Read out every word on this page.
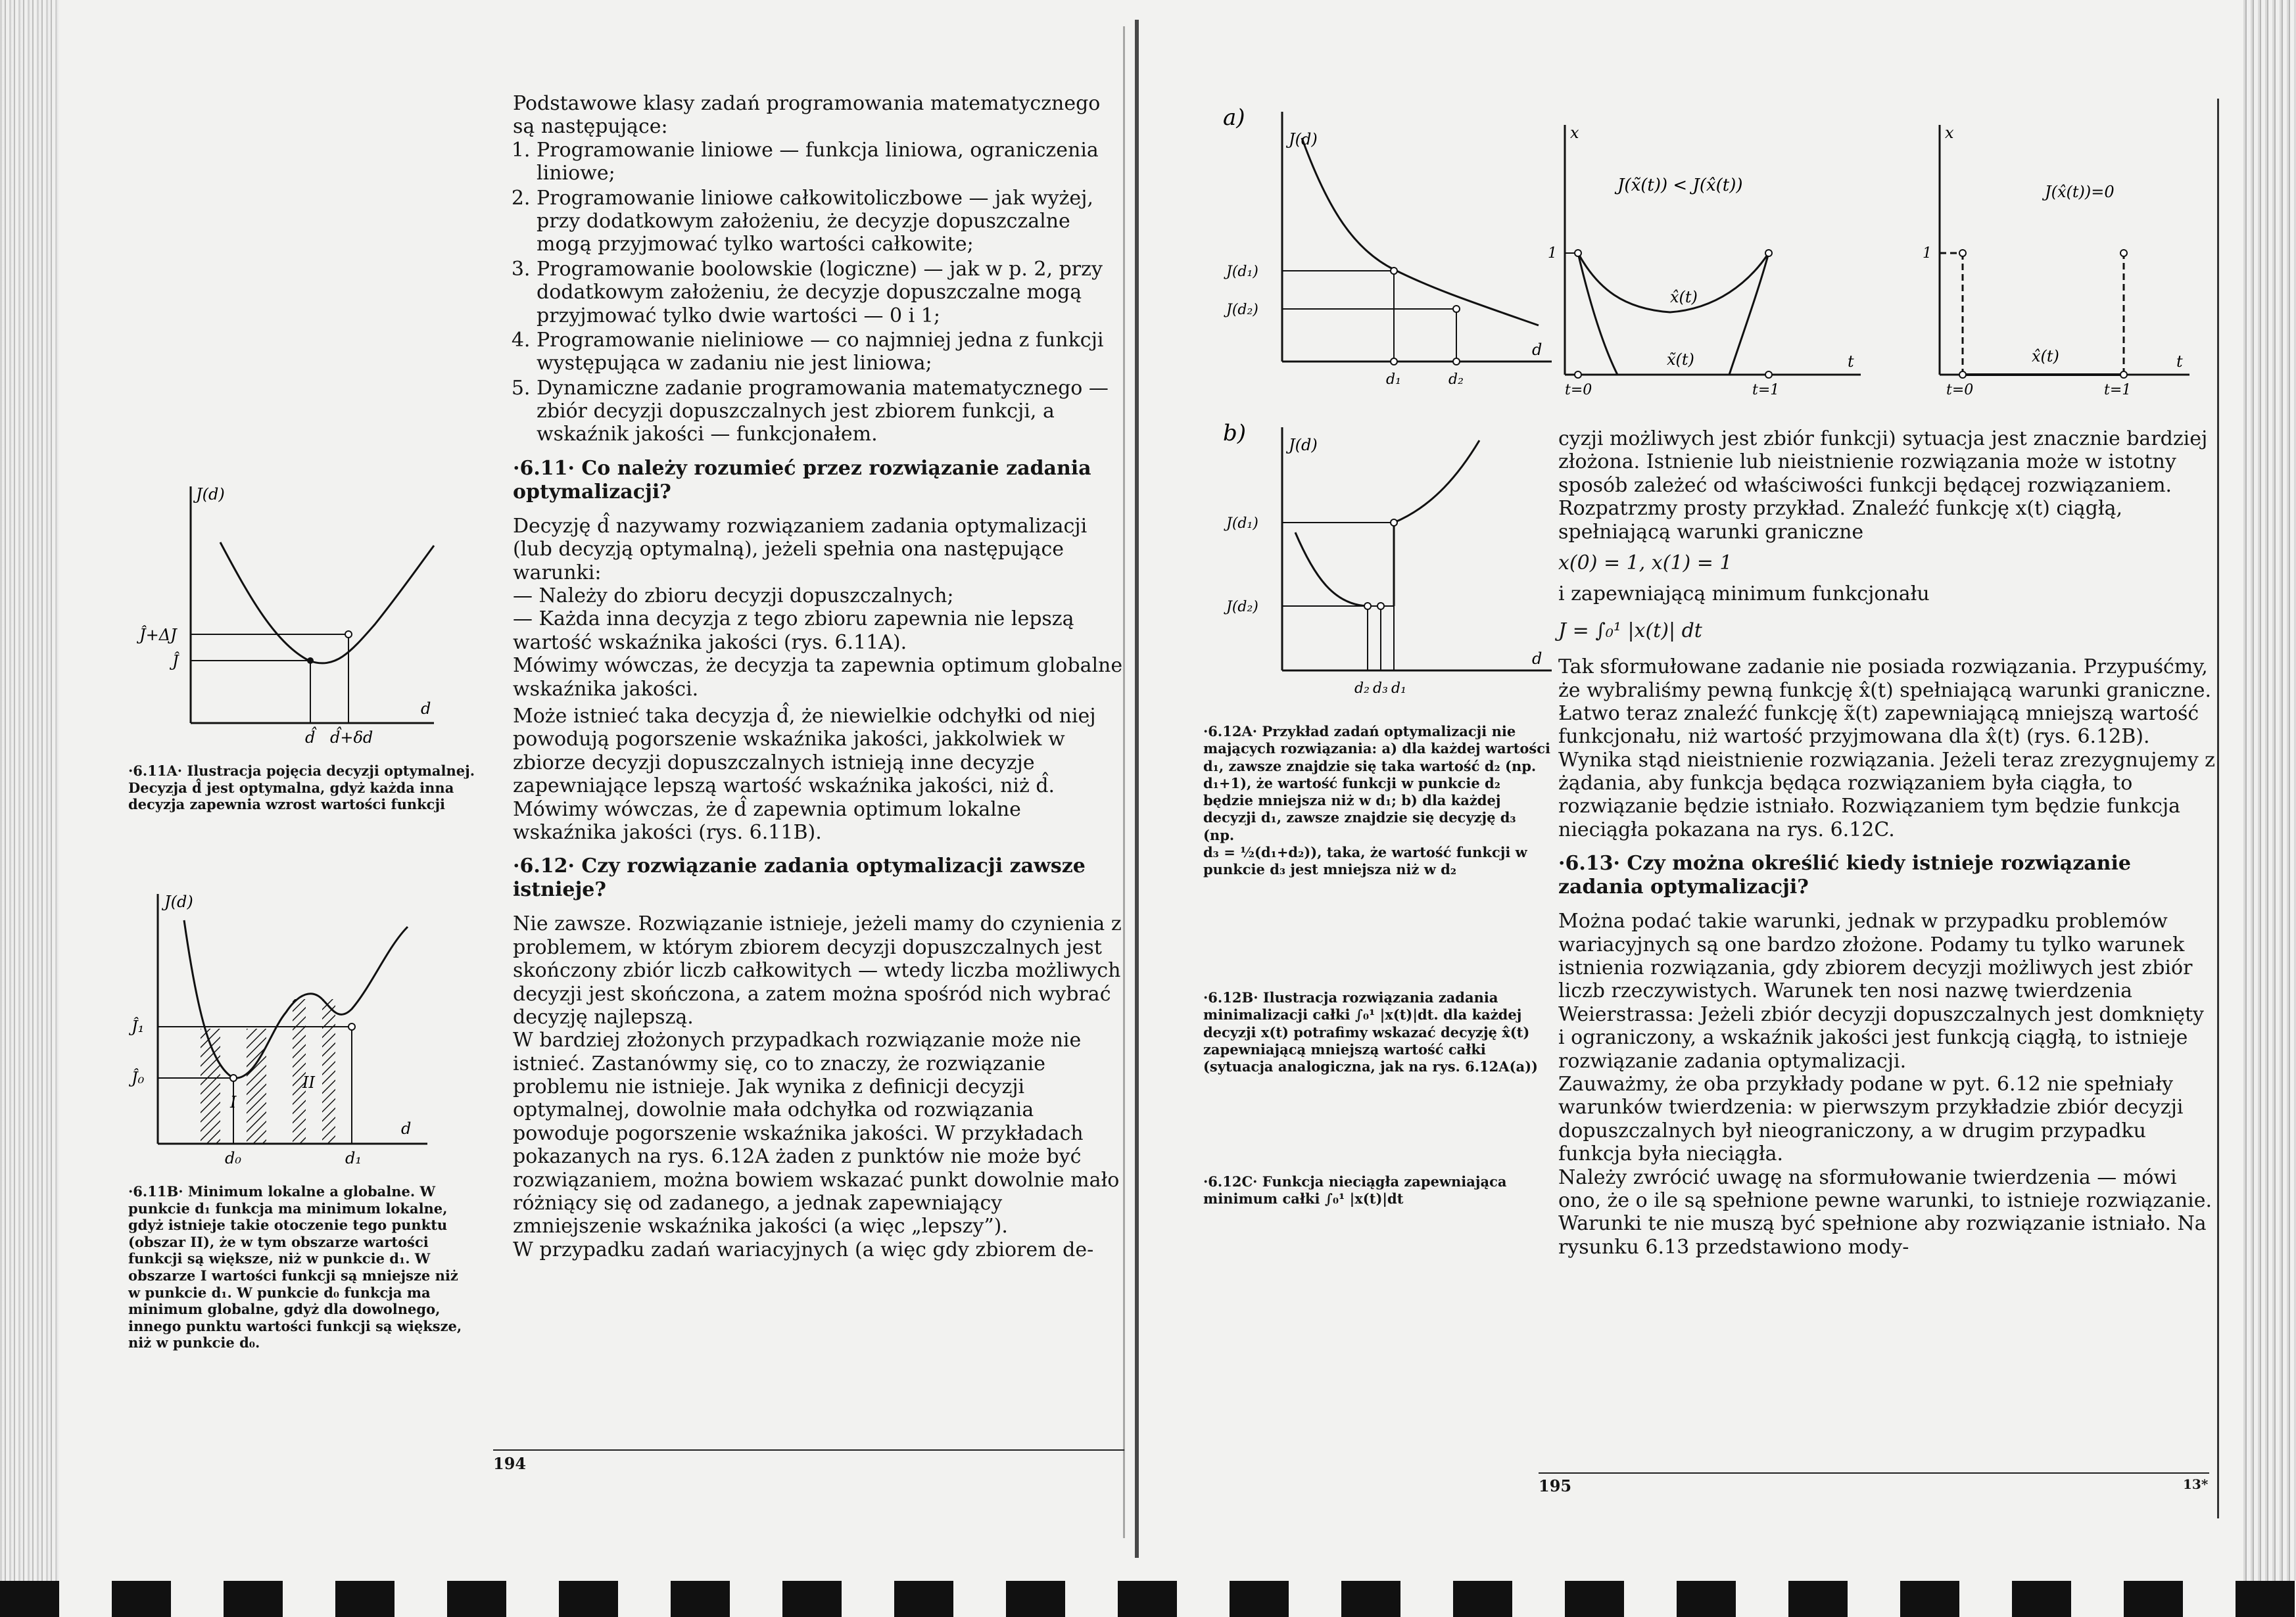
J(d)
d
d̂ d̂+δd
Ĵ
Ĵ+ΔJ
·6.11A· Ilustracja pojęcia decyzji optymalnej. Decyzja d̂ jest optymalna, gdyż każda inna decyzja zapewnia wzrost wartości funkcji
J(d)
d
Ĵ₁
Ĵ₀
d₀	d₁
I
II
·6.11B· Minimum lokalne a globalne. W punkcie d₁ funkcja ma minimum lokalne, gdyż istnieje takie otoczenie tego punktu (obszar II), że w tym obszarze wartości funkcji są większe, niż w punkcie d₁. W obszarze I wartości funkcji są mniejsze niż w punkcie d₁. W punkcie d₀ funkcja ma minimum globalne, gdyż dla dowolnego, innego punktu wartości funkcji są większe, niż w punkcie d₀.

Podstawowe klasy zadań programowania matematycznego

są następujące:

1. Programowanie liniowe — funkcja liniowa, ograniczenia liniowe;
2. Programowanie liniowe całkowitoliczbowe — jak wyżej, przy dodatkowym założeniu, że decyzje dopuszczalne mogą przyjmować tylko wartości całkowite;
3. Programowanie boolowskie (logiczne) — jak w p. 2, przy dodatkowym założeniu, że decyzje dopuszczalne mogą przyjmować tylko dwie wartości — 0 i 1;
4. Programowanie nieliniowe — co najmniej jedna z funkcji występująca w zadaniu nie jest liniowa;
5. Dynamiczne zadanie programowania matematycznego — zbiór decyzji dopuszczalnych jest zbiorem funkcji, a wskaźnik jakości — funkcjonałem.
·6.11· Co należy rozumieć przez rozwiązanie zadania optymalizacji?

Decyzję d̂ nazywamy rozwiązaniem zadania optymalizacji (lub decyzją optymalną), jeżeli spełnia ona następujące warunki:

— Należy do zbioru decyzji dopuszczalnych;

— Każda inna decyzja z tego zbioru zapewnia nie lepszą wartość wskaźnika jakości (rys. 6.11A).

Mówimy wówczas, że decyzja ta zapewnia optimum globalne wskaźnika jakości.

Może istnieć taka decyzja d̂, że niewielkie odchyłki od niej powodują pogorszenie wskaźnika jakości, jakkolwiek w zbiorze decyzji dopuszczalnych istnieją inne decyzje zapewniające lepszą wartość wskaźnika jakości, niż d̂. Mówimy wówczas, że d̂ zapewnia optimum lokalne wskaźnika jakości (rys. 6.11B).

·6.12· Czy rozwiązanie zadania optymalizacji zawsze istnieje?

Nie zawsze. Rozwiązanie istnieje, jeżeli mamy do czynienia z problemem, w którym zbiorem decyzji dopuszczalnych jest skończony zbiór liczb całkowitych — wtedy liczba możliwych decyzji jest skończona, a zatem można spośród nich wybrać decyzję najlepszą.

W bardziej złożonych przypadkach rozwiązanie może nie istnieć. Zastanówmy się, co to znaczy, że rozwiązanie problemu nie istnieje. Jak wynika z definicji decyzji optymalnej, dowolnie mała odchyłka od rozwiązania powoduje pogorszenie wskaźnika jakości. W przykładach pokazanych na rys. 6.12A żaden z punktów nie może być rozwiązaniem, można bowiem wskazać punkt dowolnie mało różniący się od zadanego, a jednak zapewniający zmniejszenie wskaźnika jakości (a więc „lepszy”).

W przypadku zadań wariacyjnych (a więc gdy zbiorem de-

194
a)
J(d)
d
J(d₁)
J(d₂)
d₁	d₂
b)	J(d)
d
J(d₁)
J(d₂)
d₂ d₃ d₁

·6.12A· Przykład zadań optymalizacji nie mających rozwiązania: a) dla każdej wartości d₁, zawsze znajdzie się taka wartość d₂ (np. d₁+1), że wartość funkcji w punkcie d₂ będzie mniejsza niż w d₁; b) dla każdej decyzji d₁, zawsze znajdzie się decyzję d₃ (np.

d₃ = ½(d₁+d₂)), taka, że wartość funkcji w punkcie d₃ jest mniejsza niż w d₂

·6.12B· Ilustracja rozwiązania zadania minimalizacji całki ∫₀¹ |x(t)|dt. dla każdej decyzji x(t) potrafimy wskazać decyzję x̂(t) zapewniającą mniejszą wartość całki (sytuacja analogiczna, jak na rys. 6.12A(a))
·6.12C· Funkcja nieciągła zapewniająca minimum całki ∫₀¹ |x(t)|dt
x
t
1
t=0	t=1
J(x̃(t)) < J(x̂(t))
x̂(t)
x̃(t)
x
t
1
t=0	t=1
J(x̂(t))=0
x̂(t)

cyzji możliwych jest zbiór funkcji) sytuacja jest znacznie bardziej złożona. Istnienie lub nieistnienie rozwiązania może w istotny sposób zależeć od właściwości funkcji będącej rozwiązaniem.

Rozpatrzmy prosty przykład. Znaleźć funkcję x(t) ciągłą, spełniającą warunki graniczne

x(0) = 1, x(1) = 1

i zapewniającą minimum funkcjonału

J = ∫₀¹ |x(t)| dt

Tak sformułowane zadanie nie posiada rozwiązania. Przypuśćmy, że wybraliśmy pewną funkcję x̂(t) spełniającą warunki graniczne. Łatwo teraz znaleźć funkcję x̃(t) zapewniającą mniejszą wartość funkcjonału, niż wartość przyjmowana dla x̂(t) (rys. 6.12B). Wynika stąd nieistnienie rozwiązania. Jeżeli teraz zrezygnujemy z żądania, aby funkcja będąca rozwiązaniem była ciągła, to rozwiązanie będzie istniało. Rozwiązaniem tym będzie funkcja nieciągła pokazana na rys. 6.12C.

·6.13· Czy można określić kiedy istnieje rozwiązanie zadania optymalizacji?

Można podać takie warunki, jednak w przypadku problemów wariacyjnych są one bardzo złożone. Podamy tu tylko warunek istnienia rozwiązania, gdy zbiorem decyzji możliwych jest zbiór liczb rzeczywistych. Warunek ten nosi nazwę twierdzenia Weierstrassa: Jeżeli zbiór decyzji dopuszczalnych jest domknięty i ograniczony, a wskaźnik jakości jest funkcją ciągłą, to istnieje rozwiązanie zadania optymalizacji.

Zauważmy, że oba przykłady podane w pyt. 6.12 nie spełniały warunków twierdzenia: w pierwszym przykładzie zbiór decyzji dopuszczalnych był nieograniczony, a w drugim przypadku funkcja była nieciągła.

Należy zwrócić uwagę na sformułowanie twierdzenia — mówi ono, że o ile są spełnione pewne warunki, to istnieje rozwiązanie. Warunki te nie muszą być spełnione aby rozwiązanie istniało. Na rysunku 6.13 przedstawiono mody-

195	13*
